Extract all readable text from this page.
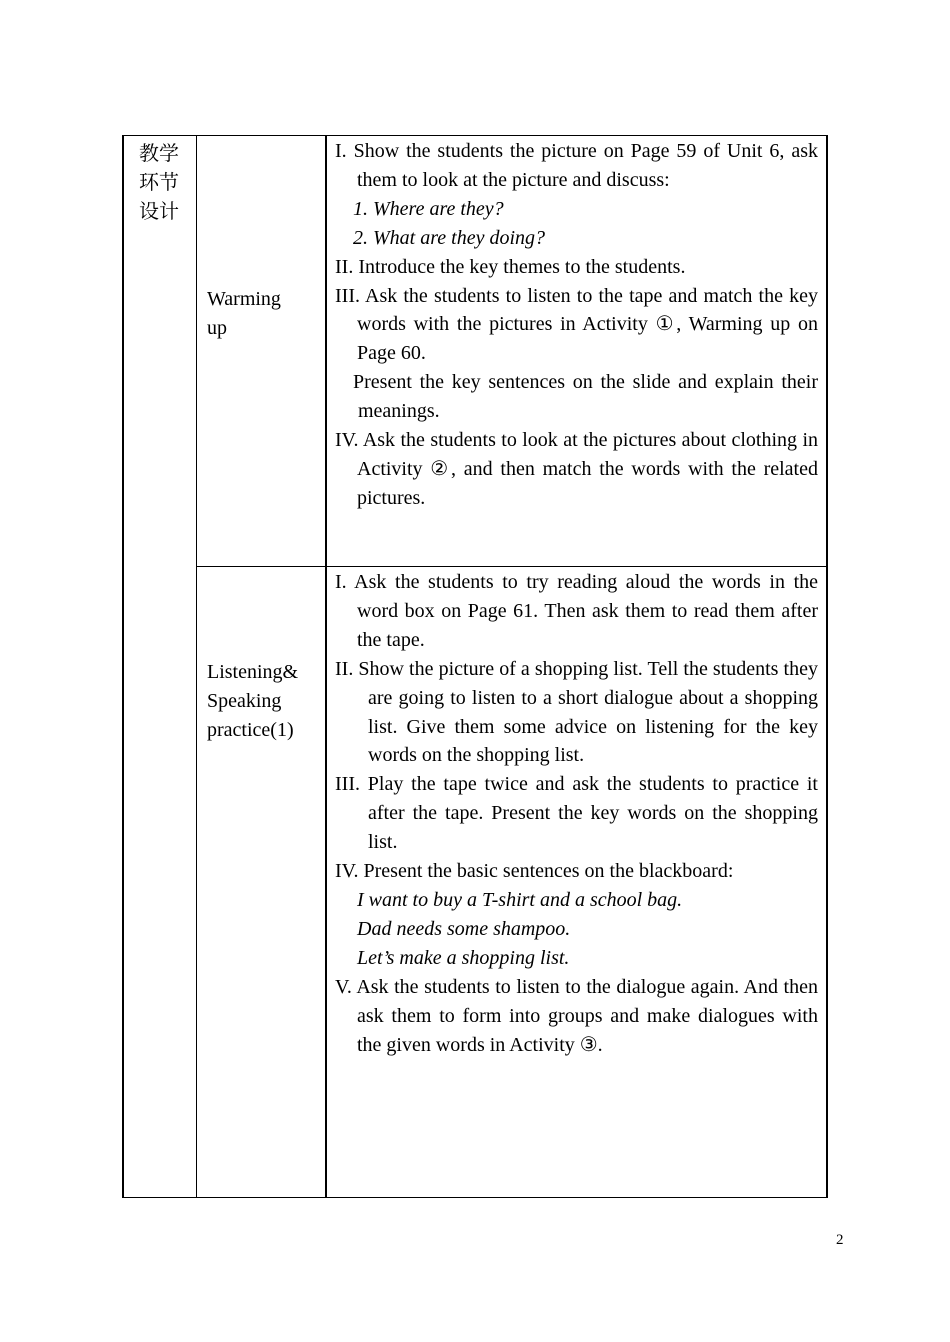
教学环节设计
Warming
up

I. Show the students the picture on Page 59 of Unit 6, ask them to look at the picture and discuss:

1. Where are they?

2. What are they doing?

II. Introduce the key themes to the students.

III. Ask the students to listen to the tape and match the key words with the pictures in Activity ①, Warming up on Page 60.

Present the key sentences on the slide and explain their meanings.

IV. Ask the students to look at the pictures about clothing in Activity ②, and then match the words with the related pictures.

Listening&
Speaking
practice(1)

I. Ask the students to try reading aloud the words in the word box on Page 61. Then ask them to read them after the tape.

II. Show the picture of a shopping list. Tell the students they are going to listen to a short dialogue about a shopping list. Give them some advice on listening for the key words on the shopping list.

III. Play the tape twice and ask the students to practice it after the tape. Present the key words on the shopping list.

IV. Present the basic sentences on the blackboard:

I want to buy a T-shirt and a school bag.

Dad needs some shampoo.

Let’s make a shopping list.

V. Ask the students to listen to the dialogue again. And then ask them to form into groups and make dialogues with the given words in Activity ③.

2
